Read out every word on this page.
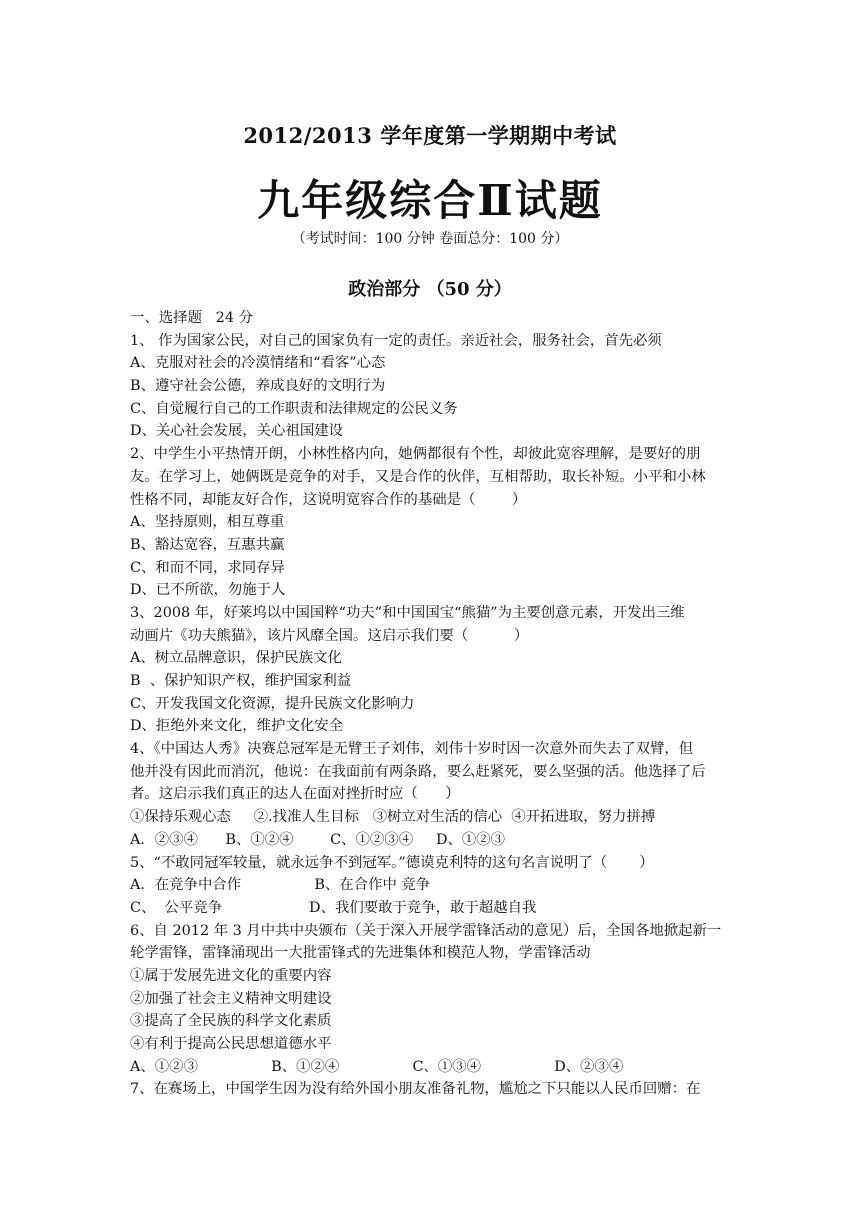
2012/2013 学年度第一学期期中考试
九年级综合Ⅱ试题
（考试时间：100 分钟 卷面总分：100 分）
政治部分 （50 分）
一、选择题   24 分
1、 作为国家公民，对自己的国家负有一定的责任。亲近社会，服务社会，首先必须
A、克服对社会的冷漠情绪和“看客”心态
B、遵守社会公德，养成良好的文明行为
C、自觉履行自己的工作职责和法律规定的公民义务
D、关心社会发展，关心祖国建设
2、中学生小平热情开朗，小林性格内向，她俩都很有个性，却彼此宽容理解，是要好的朋
友。在学习上，她俩既是竞争的对手，又是合作的伙伴，互相帮助，取长补短。小平和小林
性格不同，却能友好合作，这说明宽容合作的基础是（        ）
A、坚持原则，相互尊重
B、豁达宽容，互惠共赢
C、和而不同，求同存异
D、已不所欲，勿施于人
3、2008 年，好莱坞以中国国粹“功夫”和中国国宝“熊猫”为主要创意元素，开发出三维
动画片《功夫熊猫》，该片风靡全国。这启示我们要（          ）
A、树立品牌意识，保护民族文化
B  、保护知识产权，维护国家利益
C、开发我国文化资源，提升民族文化影响力
D、拒绝外来文化，维护文化安全
4、《中国达人秀》决赛总冠军是无臂王子刘伟，刘伟十岁时因一次意外而失去了双臂，但
他并没有因此而消沉，他说：在我面前有两条路，要么赶紧死，要么坚强的活。他选择了后
者。这启示我们真正的达人在面对挫折时应（      ）
①保持乐观心态     ②.找准人生目标   ③树立对生活的信心  ④开拓进取，努力拼搏
A．②③④      B、①②④        C、①②③④     D、①②③
5、“不敢同冠军较量，就永远争不到冠军。”德谟克利特的这句名言说明了（       ）
A．在竞争中合作                B、在合作中 竞争
C、  公平竞争                   D、我们要敢于竞争，敢于超越自我
6、自 2012 年 3 月中共中央颁布（关于深入开展学雷锋活动的意见）后，全国各地掀起新一
轮学雷锋，雷锋涌现出一大批雷锋式的先进集体和模范人物，学雷锋活动
①属于发展先进文化的重要内容
②加强了社会主义精神文明建设
③提高了全民族的科学文化素质
④有利于提高公民思想道德水平
A、①②③                B、①②④                C、①③④                D、②③④
7、在赛场上，中国学生因为没有给外国小朋友准备礼物，尴尬之下只能以人民币回赠：在
